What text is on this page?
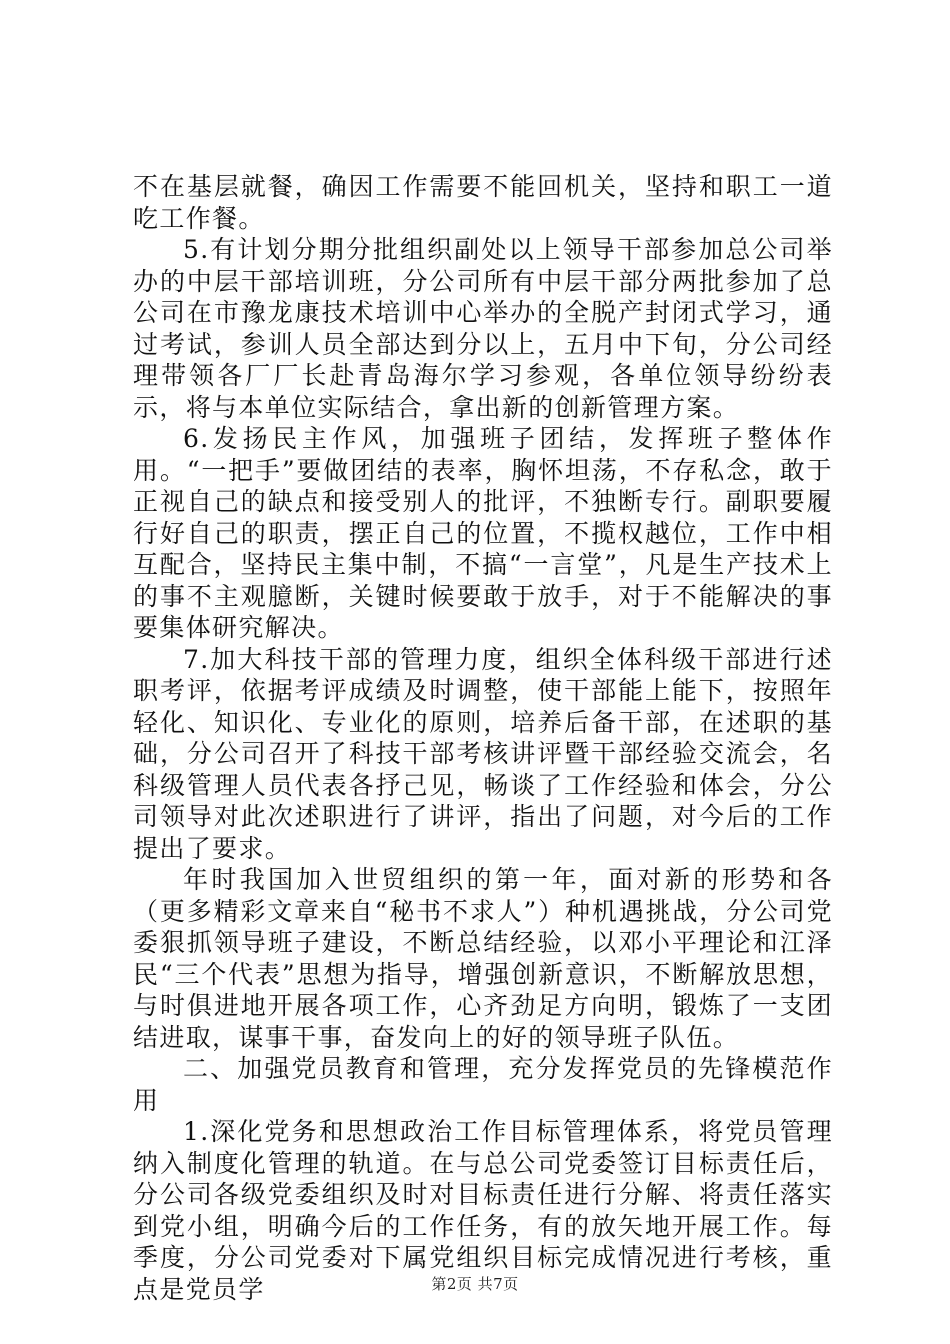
不在基层就餐，确因工作需要不能回机关，坚持和职工一道吃工作餐。

5.有计划分期分批组织副处以上领导干部参加总公司举办的中层干部培训班，分公司所有中层干部分两批参加了总公司在市豫龙康技术培训中心举办的全脱产封闭式学习，通过考试，参训人员全部达到分以上，五月中下旬，分公司经理带领各厂厂长赴青岛海尔学习参观，各单位领导纷纷表示，将与本单位实际结合，拿出新的创新管理方案。

6.发扬民主作风，加强班子团结，发挥班子整体作用。“一把手”要做团结的表率，胸怀坦荡，不存私念，敢于正视自己的缺点和接受别人的批评，不独断专行。副职要履行好自己的职责，摆正自己的位置，不揽权越位，工作中相互配合，坚持民主集中制，不搞“一言堂”，凡是生产技术上的事不主观臆断，关键时候要敢于放手，对于不能解决的事要集体研究解决。

7.加大科技干部的管理力度，组织全体科级干部进行述职考评，依据考评成绩及时调整，使干部能上能下，按照年轻化、知识化、专业化的原则，培养后备干部，在述职的基础，分公司召开了科技干部考核讲评暨干部经验交流会，名科级管理人员代表各抒己见，畅谈了工作经验和体会，分公司领导对此次述职进行了讲评，指出了问题，对今后的工作提出了要求。

年时我国加入世贸组织的第一年，面对新的形势和各（更多精彩文章来自“秘书不求人”）种机遇挑战，分公司党委狠抓领导班子建设，不断总结经验，以邓小平理论和江泽民“三个代表”思想为指导，增强创新意识，不断解放思想，与时俱进地开展各项工作，心齐劲足方向明，锻炼了一支团结进取，谋事干事，奋发向上的好的领导班子队伍。

二、加强党员教育和管理，充分发挥党员的先锋模范作用

1.深化党务和思想政治工作目标管理体系，将党员管理纳入制度化管理的轨道。在与总公司党委签订目标责任后，分公司各级党委组织及时对目标责任进行分解、将责任落实到党小组，明确今后的工作任务，有的放矢地开展工作。每季度，分公司党委对下属党组织目标完成情况进行考核，重点是党员学	第2页 共7页
